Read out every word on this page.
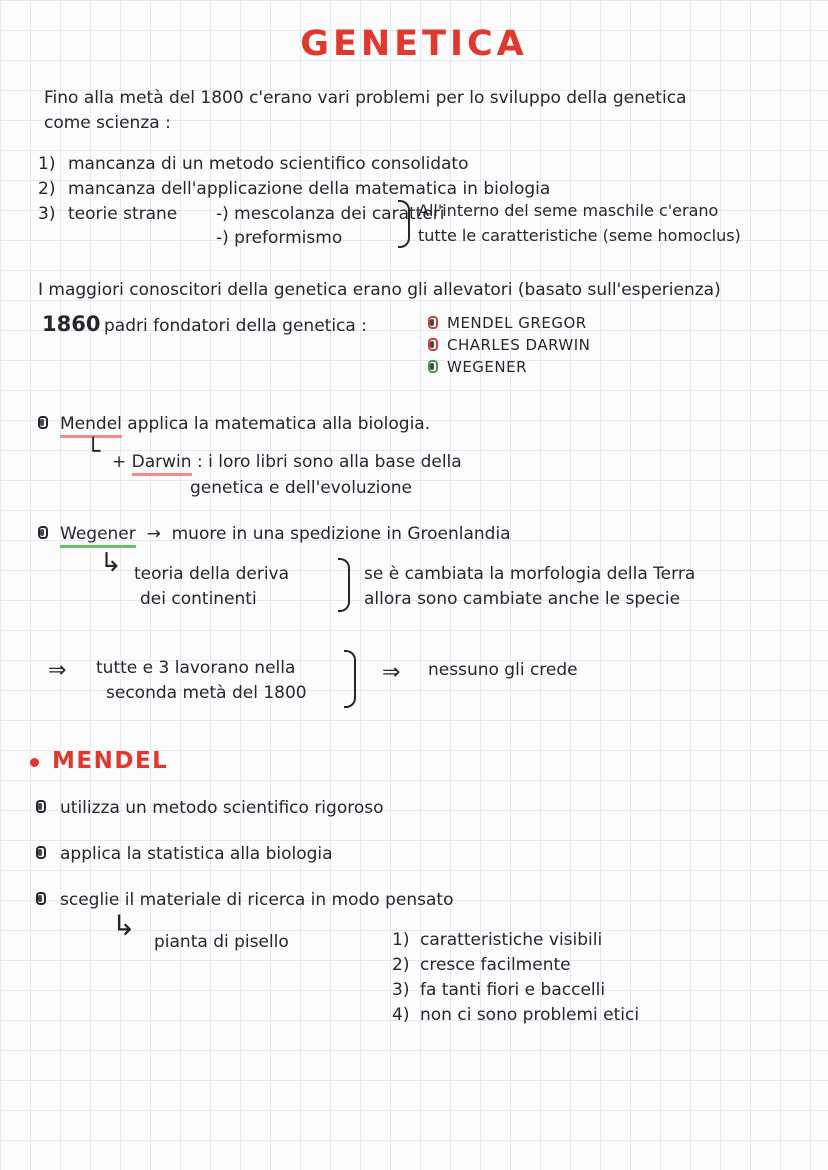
GENETICA
Fino alla metà del 1800 c'erano vari problemi per lo sviluppo della genetica
come scienza :
1) mancanza di un metodo scientifico consolidato
2) mancanza dell'applicazione della matematica in biologia
3) teorie strane -) mescolanza dei caratteri
-) preformismo
All'interno del seme maschile c'erano
tutte le caratteristiche (seme homoclus)
I maggiori conoscitori della genetica erano gli allevatori (basato sull'esperienza)
1860 padri fondatori della genetica :	MENDEL GREGOR
CHARLES DARWIN
WEGENER
Mendel applica la matematica alla biologia.
└ + Darwin : i loro libri sono alla base della
genetica e dell'evoluzione
Wegener → muore in una spedizione in Groenlandia
↳ teoria della deriva
dei continenti
se è cambiata la morfologia della Terra
allora sono cambiate anche le specie
⇒ tutte e 3 lavorano nella
seconda metà del 1800
⇒ nessuno gli crede
MENDEL
utilizza un metodo scientifico rigoroso
applica la statistica alla biologia
sceglie il materiale di ricerca in modo pensato
↳ pianta di pisello	1) caratteristiche visibili
2) cresce facilmente
3) fa tanti fiori e baccelli
4) non ci sono problemi etici
